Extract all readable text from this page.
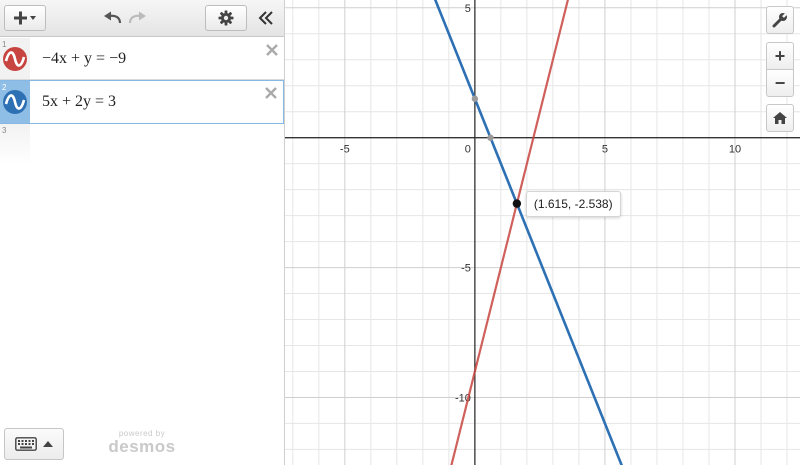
1
−4x + y = −9
2
5x + 2y = 3
3
powered by
desmos
-5	5	10
5
-5
-10
0
(1.615, -2.538)
+
−
